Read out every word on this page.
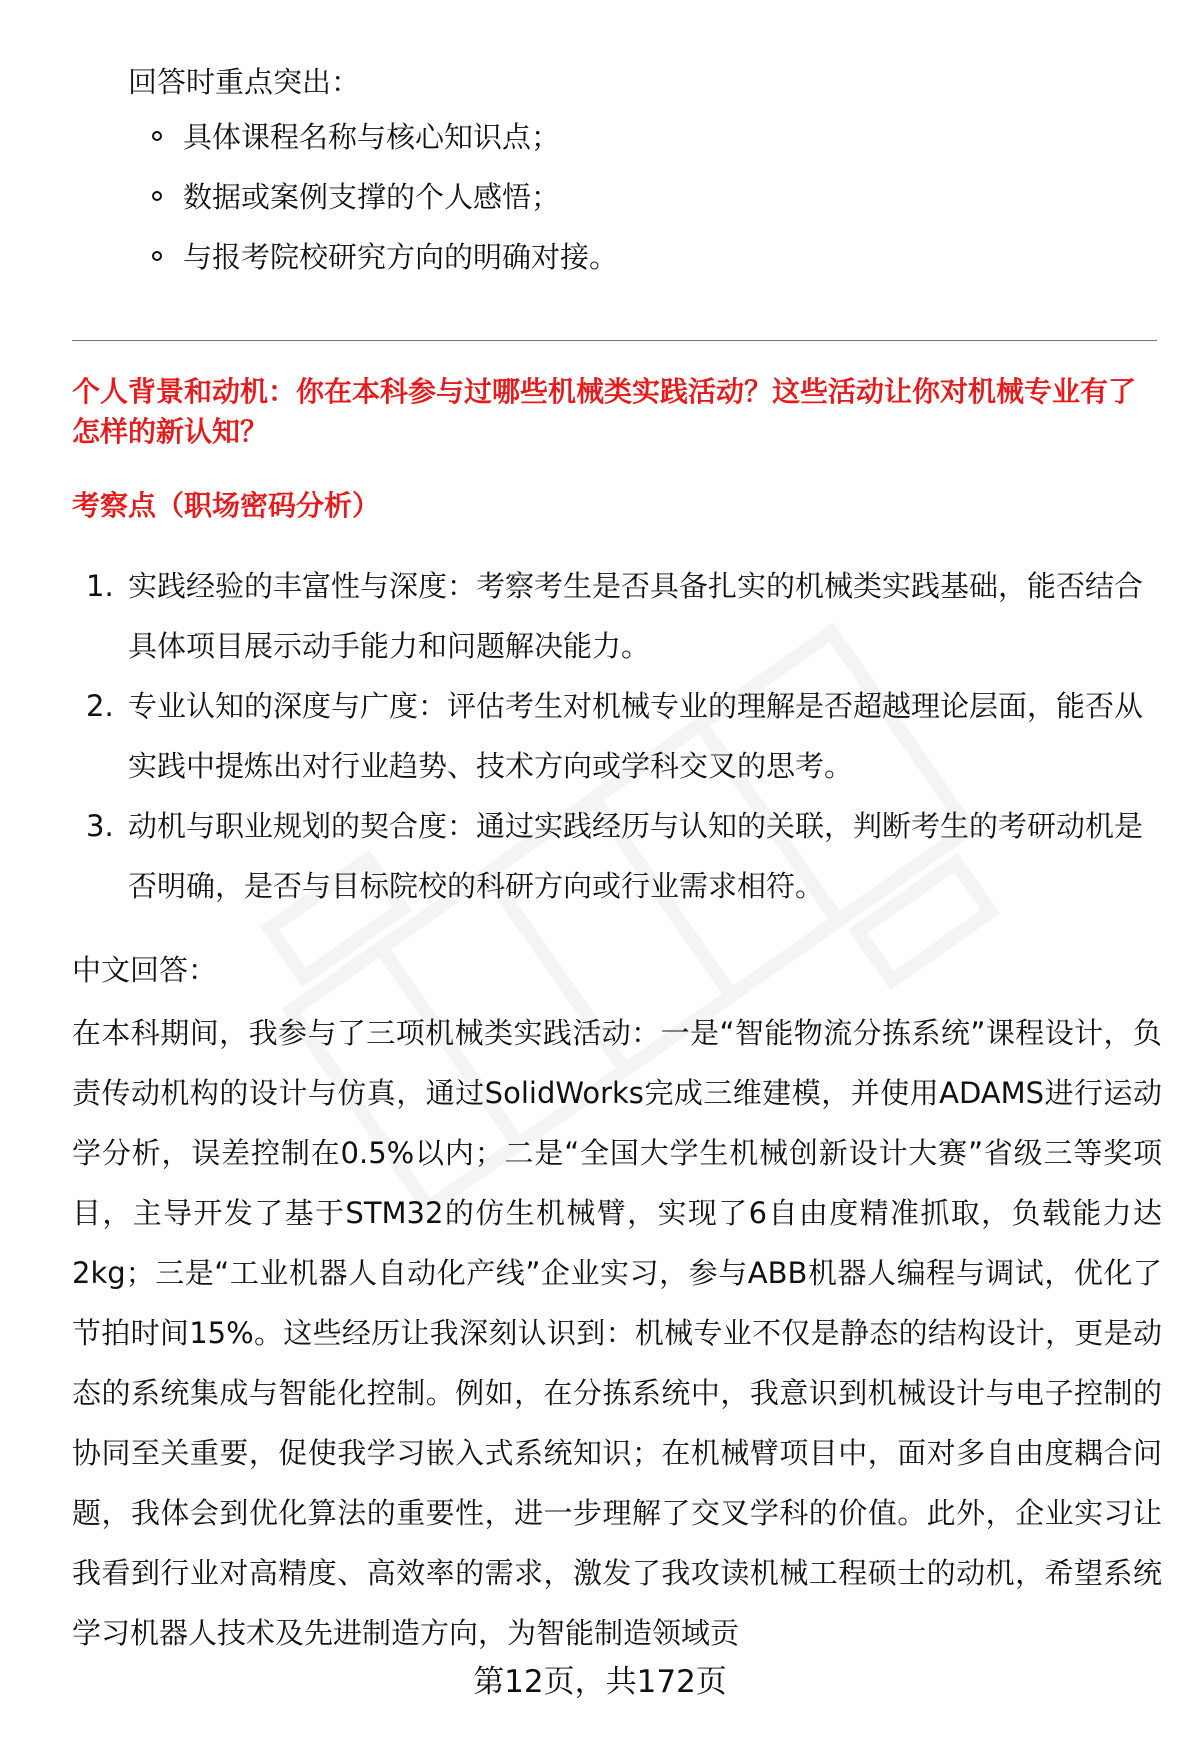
回答时重点突出：
具体课程名称与核心知识点；
数据或案例支撑的个人感悟；
与报考院校研究方向的明确对接。
个人背景和动机：你在本科参与过哪些机械类实践活动？这些活动让你对机械专业有了怎样的新认知？
考察点（职场密码分析）
1. 实践经验的丰富性与深度：考察考生是否具备扎实的机械类实践基础，能否结合具体项目展示动手能力和问题解决能力。
2. 专业认知的深度与广度：评估考生对机械专业的理解是否超越理论层面，能否从实践中提炼出对行业趋势、技术方向或学科交叉的思考。
3. 动机与职业规划的契合度：通过实践经历与认知的关联，判断考生的考研动机是否明确，是否与目标院校的科研方向或行业需求相符。
中文回答：
在本科期间，我参与了三项机械类实践活动：一是“智能物流分拣系统”课程设计，负责传动机构的设计与仿真，通过SolidWorks完成三维建模，并使用ADAMS进行运动学分析，误差控制在0.5%以内；二是“全国大学生机械创新设计大赛”省级三等奖项目，主导开发了基于STM32的仿生机械臂，实现了6自由度精准抓取，负载能力达2kg；三是“工业机器人自动化产线”企业实习，参与ABB机器人编程与调试，优化了节拍时间15%。这些经历让我深刻认识到：机械专业不仅是静态的结构设计，更是动态的系统集成与智能化控制。例如，在分拣系统中，我意识到机械设计与电子控制的协同至关重要，促使我学习嵌入式系统知识；在机械臂项目中，面对多自由度耦合问题，我体会到优化算法的重要性，进一步理解了交叉学科的价值。此外，企业实习让我看到行业对高精度、高效率的需求，激发了我攻读机械工程硕士的动机，希望系统学习机器人技术及先进制造方向，为智能制造领域贡
第12页，共172页
